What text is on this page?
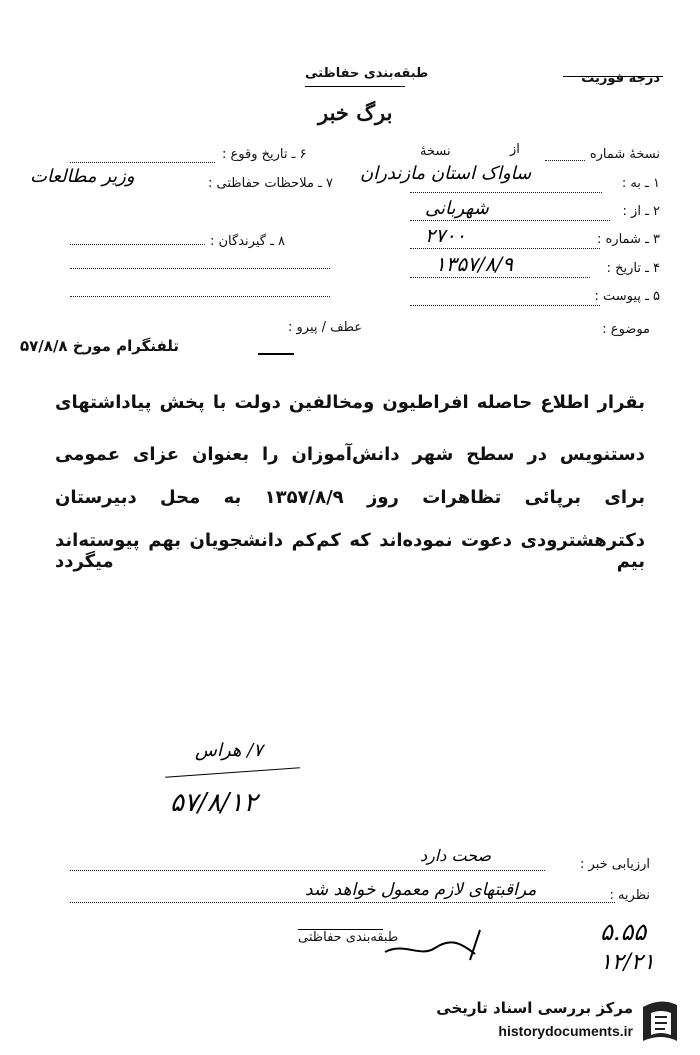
درجه فوریت
طبقه‌بندی حفاظتی
برگ خبر
نسخهٔ شماره
از
نسخهٔ
۱ ـ به :
ساواک استان مازندران
۲ ـ از :
شهربانی
۳ ـ شماره :
۲۷۰۰
۴ ـ تاریخ :
۱۳۵۷/۸/۹
۵ ـ پیوست :
۶ ـ تاریخ وقوع :
۷ ـ ملاحظات حفاظتی :
وزیر مطالعات
۸ ـ گیرندگان :
موضوع :
عطف / پیرو :
تلفنگرام مورخ ۵۷/۸/۸
بقرار اطلاع حاصله افراطیون ومخالفین دولت با پخش پیاداشتهای
دستنویس در سطح شهر دانش‌آموزان را بعنوان عزای عمومی
برای برپائی تظاهرات روز ۱۳۵۷/۸/۹ به محل دبیرستان
دکترهشترودی دعوت نموده‌اند که کم‌کم دانشجویان بهم پیوسته‌اند بیم میگردد
۷/ هراس
۵۷/۸/۱۲
ارزیابی خبر :
صحت دارد
نظریه :
مراقبتهای لازم معمول خواهد شد
طبقه‌بندی حفاظتی	۵.۵۵
۱۲/۲۱
مرکز بررسی اسناد تاریخی
historydocuments.ir
